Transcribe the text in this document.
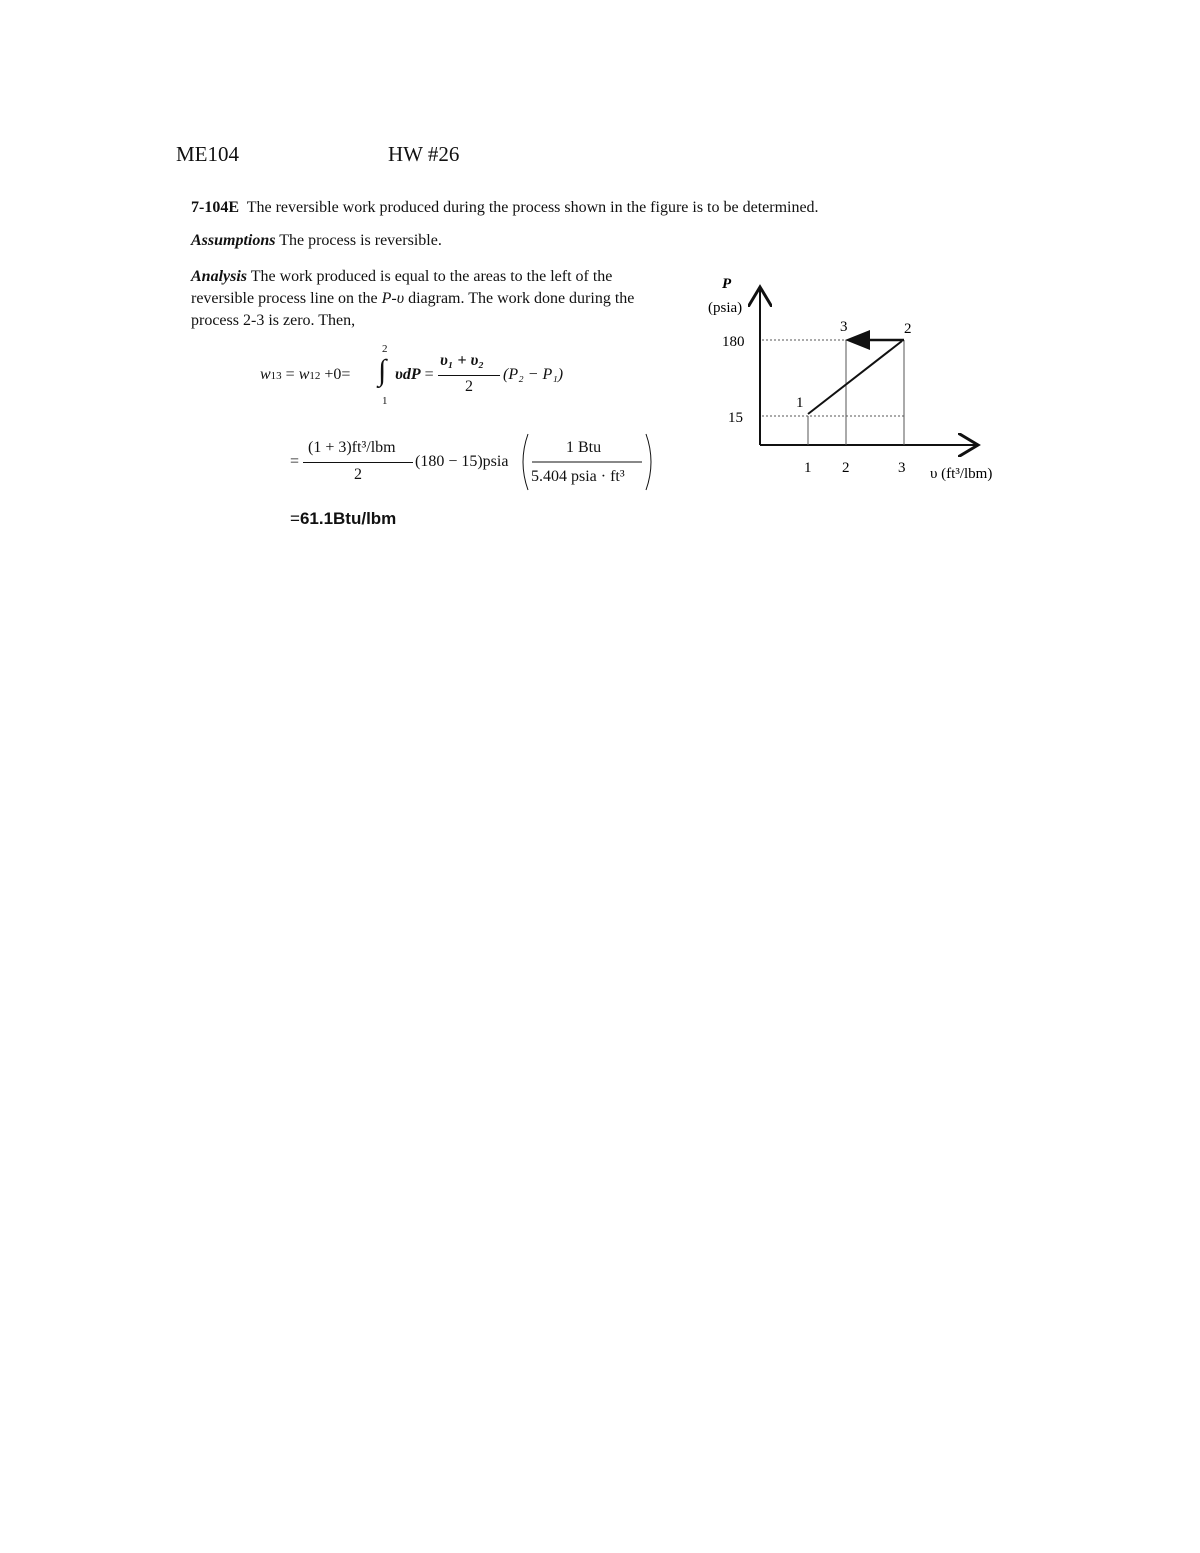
ME104	HW #26
7-104E The reversible work produced during the process shown in the figure is to be determined.
Assumptions The process is reversible.
Analysis The work produced is equal to the areas to the left of the reversible process line on the P-υ diagram. The work done during the process 2-3 is zero. Then,
w13 = w12 +0=
2
∫
1
υdP =
υ₁ + υ₂
2
(P₂ − P₁)
=
(1 + 3)ft³/lbm
2
(180 − 15)psia
1 Btu
5.404 psia · ft³
=61.1Btu/lbm
P
(psia)
180
15
1
3	2
1 2	3 υ (ft³/lbm)
